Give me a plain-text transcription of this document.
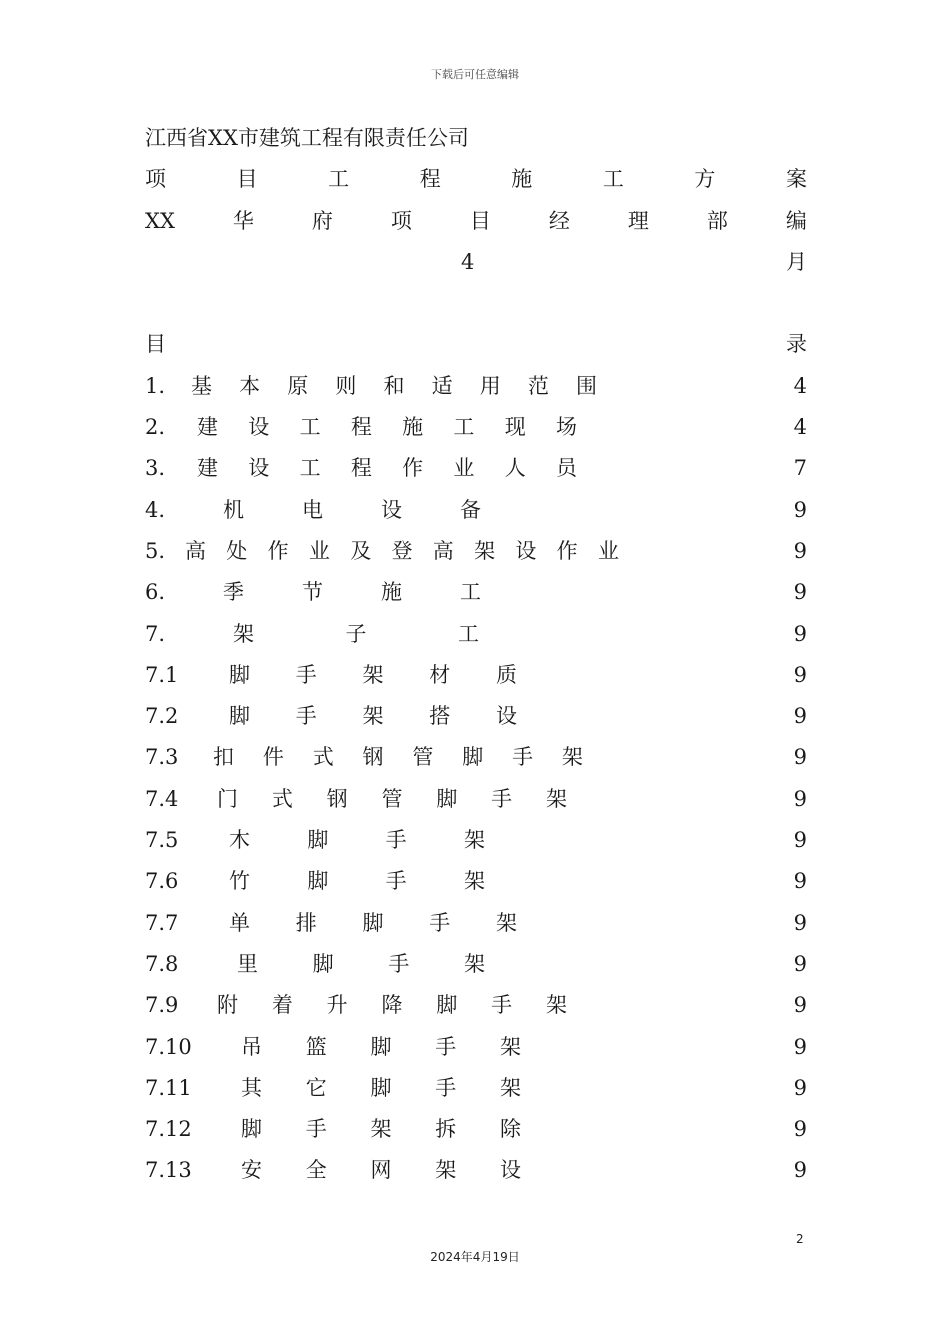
下载后可任意编辑
江西省XX市建筑工程有限责任公司
项	目	工	程	施	工	方	案
XX	华	府	项	目	经	理	部	编
4	月
目	录
1.	基 本 原 则 和 适 用 范 围	4
2.	建 设 工 程 施 工 现 场	4
3.	建 设 工 程 作 业 人 员	7
4.	机	电	设	备	9
5. 高 处 作 业 及 登 高 架 设 作 业	9
6.	季	节	施	工	9
7.	架	子	工	9
7.1	脚 手 架 材 质	9
7.2	脚 手 架 搭 设	9
7.3	扣 件 式 钢 管 脚 手 架	9
7.4	门 式 钢 管 脚 手 架	9
7.5	木	脚	手	架	9
7.6	竹	脚	手	架	9
7.7	单 排 脚 手 架	9
7.8	里	脚	手	架	9
7.9	附 着 升 降 脚 手 架	9
7.10	吊 篮 脚 手 架	9
7.11	其 它 脚 手 架	9
7.12	脚 手 架 拆 除	9
7.13	安 全 网 架 设	9
2
2024年4月19日
